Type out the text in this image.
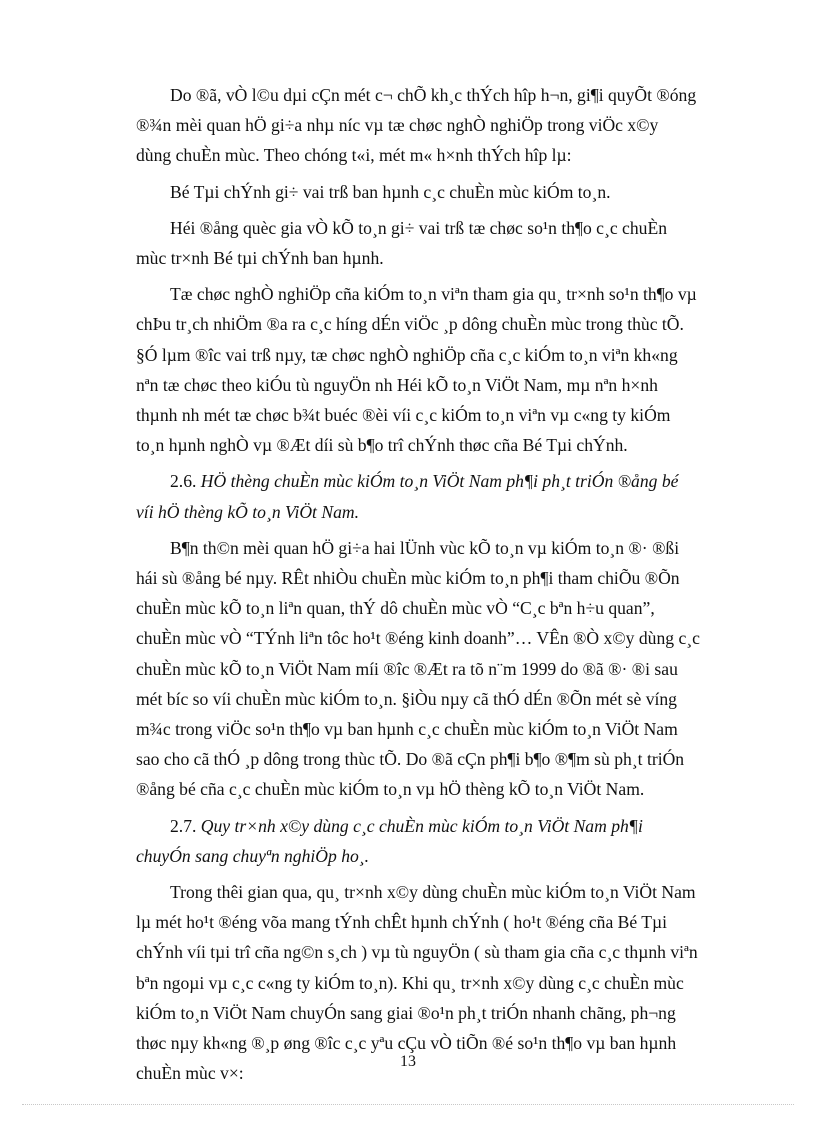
Do ®ã, vÒ l©u dµi cÇn mét c¬ chÕ kh¸c thÝch hîp h¬n, gi¶i quyÕt ®óng
®¾n mèi quan hÖ gi÷a nhµ níc vµ tæ chøc nghÒ nghiÖp trong viÖc x©y
dùng chuÈn mùc. Theo chóng t«i, mét m« h×nh thÝch hîp lµ:

Bé Tµi chÝnh gi÷ vai trß ban hµnh c¸c chuÈn mùc kiÓm to¸n.

Héi ®ång quèc gia vÒ kÕ to¸n gi÷ vai trß tæ chøc so¹n th¶o c¸c chuÈn
mùc tr×nh Bé tµi chÝnh ban hµnh.

Tæ chøc nghÒ nghiÖp cña kiÓm to¸n viªn tham gia qu¸ tr×nh so¹n th¶o vµ
chÞu tr¸ch nhiÖm ®a ra c¸c híng dÉn viÖc ¸p dông chuÈn mùc trong thùc tÕ.
§Ó lµm ®îc vai trß nµy, tæ chøc nghÒ nghiÖp cña c¸c kiÓm to¸n viªn kh«ng
nªn tæ chøc theo kiÓu tù nguyÖn nh Héi kÕ to¸n ViÖt Nam, mµ nªn h×nh
thµnh nh mét tæ chøc b¾t buéc ®èi víi c¸c kiÓm to¸n viªn vµ c«ng ty kiÓm
to¸n hµnh nghÒ vµ ®Æt díi sù b¶o trî chÝnh thøc cña Bé Tµi chÝnh.

2.6. HÖ thèng chuÈn mùc kiÓm to¸n ViÖt Nam ph¶i ph¸t triÓn ®ång bé
víi hÖ thèng kÕ to¸n ViÖt Nam.

B¶n th©n mèi quan hÖ gi÷a hai lÜnh vùc kÕ to¸n vµ kiÓm to¸n ®· ®ßi
hái sù ®ång bé nµy. RÊt nhiÒu chuÈn mùc kiÓm to¸n ph¶i tham chiÕu ®Õn
chuÈn mùc kÕ to¸n liªn quan, thÝ dô chuÈn mùc vÒ “C¸c bªn h÷u quan”,
chuÈn mùc vÒ “TÝnh liªn tôc ho¹t ®éng kinh doanh”… VÊn ®Ò x©y dùng c¸c
chuÈn mùc kÕ to¸n ViÖt Nam míi ®îc ®Æt ra tõ n¨m 1999 do ®ã ®· ®i sau
mét bíc so víi chuÈn mùc kiÓm to¸n. §iÒu nµy cã thÓ dÉn ®Õn mét sè víng
m¾c trong viÖc so¹n th¶o vµ ban hµnh c¸c chuÈn mùc kiÓm to¸n ViÖt Nam
sao cho cã thÓ ¸p dông trong thùc tÕ. Do ®ã cÇn ph¶i b¶o ®¶m sù ph¸t triÓn
®ång bé cña c¸c chuÈn mùc kiÓm to¸n vµ hÖ thèng kÕ to¸n ViÖt Nam.

2.7. Quy tr×nh x©y dùng c¸c chuÈn mùc kiÓm to¸n ViÖt Nam ph¶i
chuyÓn sang chuyªn nghiÖp ho¸.

Trong thêi gian qua, qu¸ tr×nh x©y dùng chuÈn mùc kiÓm to¸n ViÖt Nam
lµ mét ho¹t ®éng võa mang tÝnh chÊt hµnh chÝnh ( ho¹t ®éng cña Bé Tµi
chÝnh víi tµi trî cña ng©n s¸ch ) vµ tù nguyÖn ( sù tham gia cña c¸c thµnh viªn
bªn ngoµi vµ c¸c c«ng ty kiÓm to¸n). Khi qu¸ tr×nh x©y dùng c¸c chuÈn mùc
kiÓm to¸n ViÖt Nam chuyÓn sang giai ®o¹n ph¸t triÓn nhanh chãng, ph¬ng
thøc nµy kh«ng ®¸p øng ®îc c¸c yªu cÇu vÒ tiÕn ®é so¹n th¶o vµ ban hµnh
chuÈn mùc v×:

13
